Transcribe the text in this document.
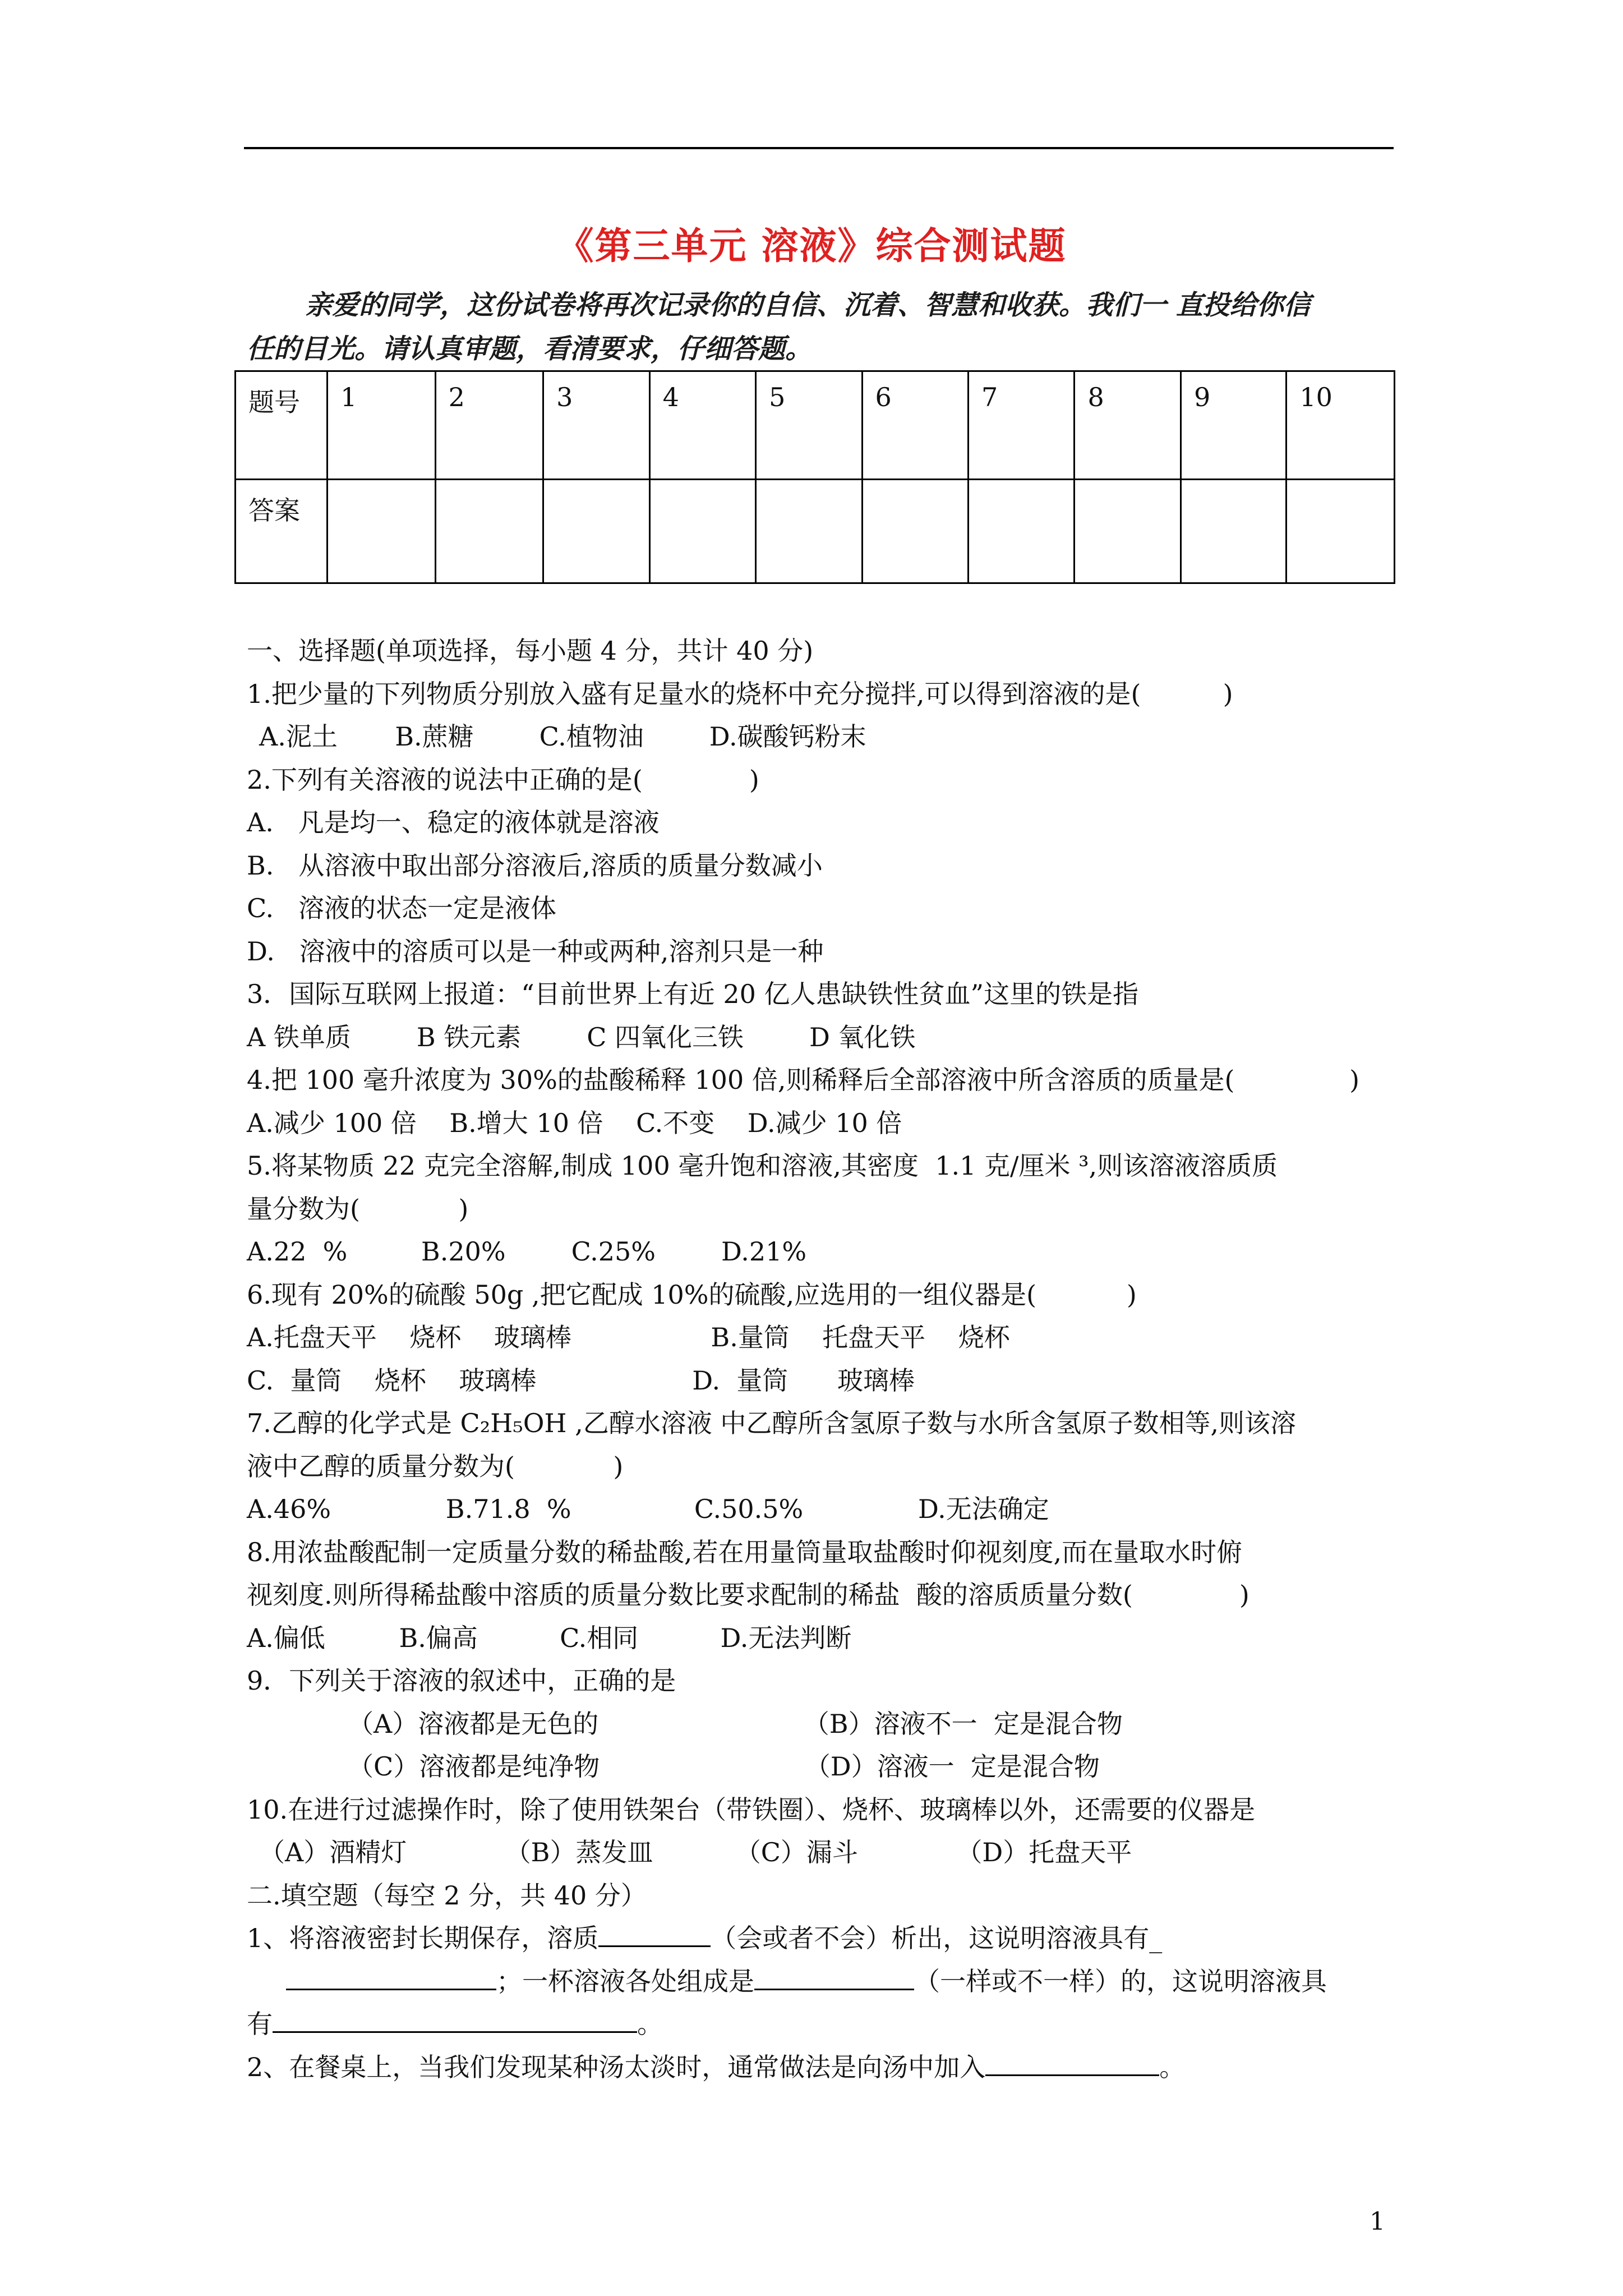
《第三单元 溶液》综合测试题
亲爱的同学，这份试卷将再次记录你的自信、沉着、智慧和收获。我们一 直投给你信
任的目光。请认真审题，看清要求，仔细答题。
题号	1	2	3	4	5	6	7	8	9	10
答案										
一、选择题(单项选择，每小题 4 分，共计 40 分)
1.把少量的下列物质分别放入盛有足量水的烧杯中充分搅拌,可以得到溶液的是(          )
A.泥土       B.蔗糖        C.植物油        D.碳酸钙粉末
2.下列有关溶液的说法中正确的是(             )
A.   凡是均一、稳定的液体就是溶液
B.   从溶液中取出部分溶液后,溶质的质量分数减小
C.   溶液的状态一定是液体
D.   溶液中的溶质可以是一种或两种,溶剂只是一种
3．国际互联网上报道：“目前世界上有近 20 亿人患缺铁性贫血”这里的铁是指
A 铁单质        B 铁元素        C 四氧化三铁        D 氧化铁
4.把 100 毫升浓度为 30%的盐酸稀释 100 倍,则稀释后全部溶液中所含溶质的质量是(              )
A.减少 100 倍    B.增大 10 倍    C.不变    D.减少 10 倍
5.将某物质 22 克完全溶解,制成 100 毫升饱和溶液,其密度  1.1 克/厘米 ³,则该溶液溶质质
量分数为(            )
A.22  %         B.20%        C.25%        D.21%
6.现有 20%的硫酸 50g ,把它配成 10%的硫酸,应选用的一组仪器是(           )
A.托盘天平    烧杯    玻璃棒                 B.量筒    托盘天平    烧杯
C.  量筒    烧杯    玻璃棒                   D.  量筒      玻璃棒
7.乙醇的化学式是 C₂H₅OH ,乙醇水溶液 中乙醇所含氢原子数与水所含氢原子数相等,则该溶
液中乙醇的质量分数为(            )
A.46%              B.71.8  %               C.50.5%              D.无法确定
8.用浓盐酸配制一定质量分数的稀盐酸,若在用量筒量取盐酸时仰视刻度,而在量取水时俯
视刻度.则所得稀盐酸中溶质的质量分数比要求配制的稀盐  酸的溶质质量分数(             )
A.偏低         B.偏高          C.相同          D.无法判断
9．下列关于溶液的叙述中，正确的是
（A）溶液都是无色的                         （B）溶液不一  定是混合物
（C）溶液都是纯净物                         （D）溶液一  定是混合物
10.在进行过滤操作时，除了使用铁架台（带铁圈）、烧杯、玻璃棒以外，还需要的仪器是
（A）酒精灯            （B）蒸发皿          （C）漏斗            （D）托盘天平
二.填空题（每空 2 分，共 40 分）
1、将溶液密封长期保存，溶质	（会或者不会）析出，这说明溶液具有_
；一杯溶液各处组成是	（一样或不一样）的，这说明溶液具
有	。
2、在餐桌上，当我们发现某种汤太淡时，通常做法是向汤中加入	。
1
